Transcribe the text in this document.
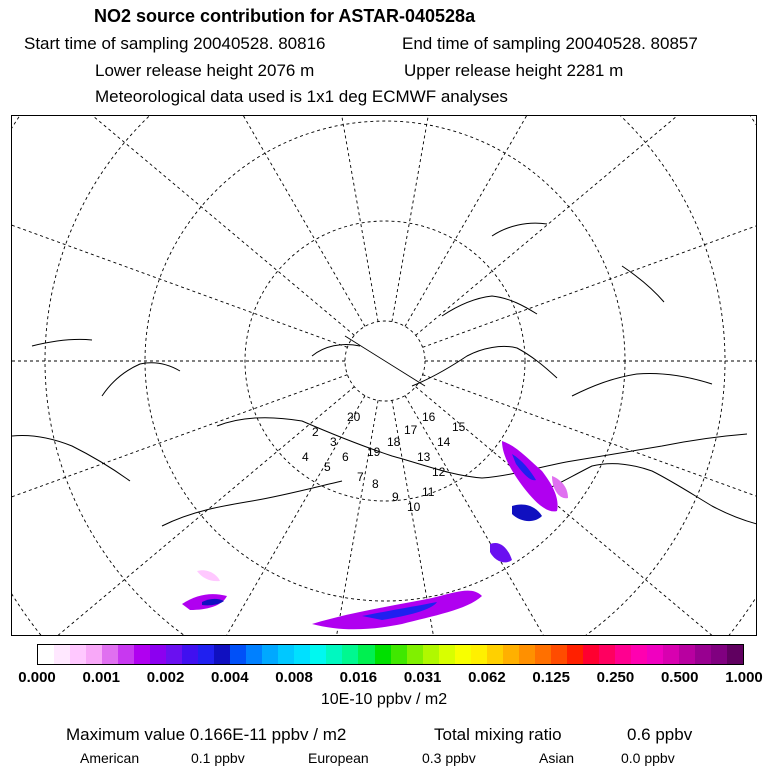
NO2 source contribution for ASTAR-040528a
Start time of sampling 20040528. 80816	End time of sampling 20040528. 80857
Lower release height 2076 m	Upper release height 2281 m
Meteorological data used is 1x1 deg ECMWF analyses
2
3
4
5
6
7 8
9
10
11
12
13
14
15
16
17
18
19
20
0.000 0.001 0.002 0.004 0.008 0.016 0.031 0.062 0.125 0.250 0.500 1.000
10E-10 ppbv / m2
Maximum value 0.166E-11 ppbv / m2	Total mixing ratio	0.6 ppbv
American	0.1 ppbv	European	0.3 ppbv	Asian	0.0 ppbv
